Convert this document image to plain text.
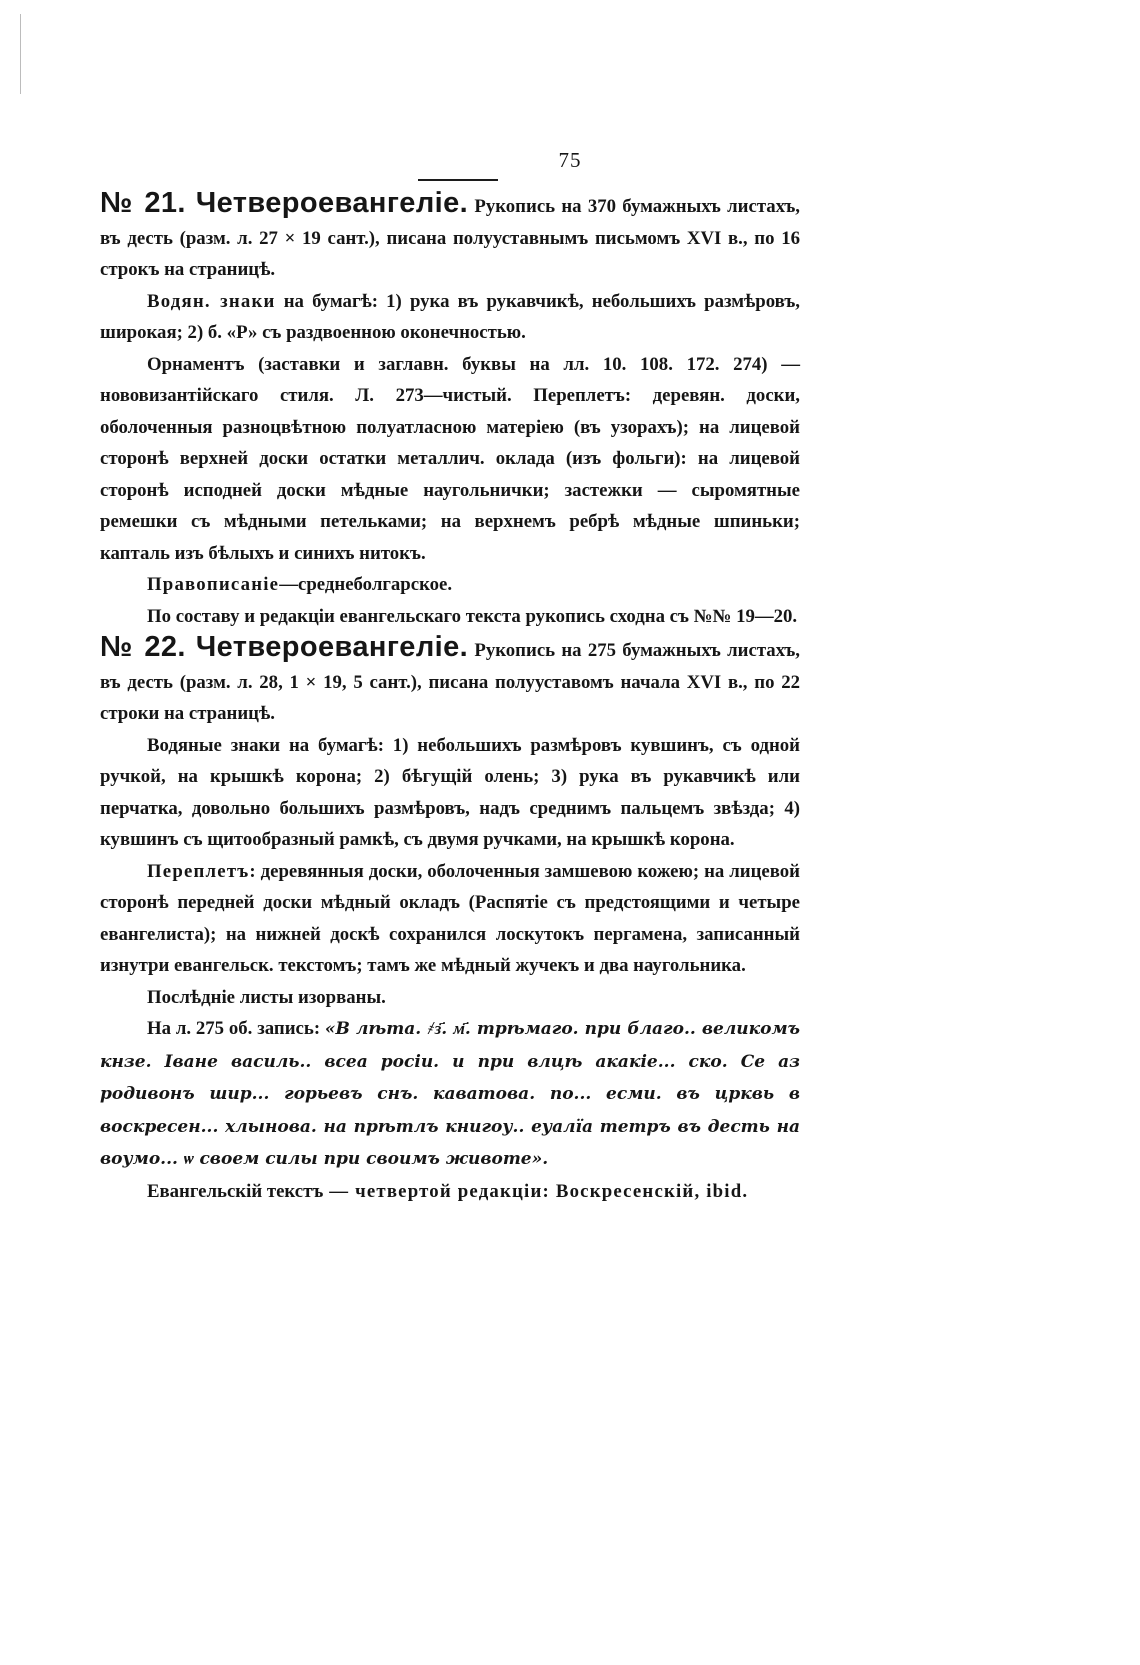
75

№ 21. Четвероевангеліе. Рукопись на 370 бумажныхъ листахъ, въ десть (разм. л. 27 × 19 сант.), писана полууставнымъ письмомъ XVI в., по 16 строкъ на страницѣ.

Водян. знаки на бумагѣ: 1) рука въ рукавчикѣ, небольшихъ размѣровъ, широкая; 2) б. «Р» съ раздвоенною оконечностью.

Орнаментъ (заставки и заглавн. буквы на лл. 10. 108. 172. 274) — нововизантійскаго стиля. Л. 273—чистый. Переплетъ: деревян. доски, оболоченныя разноцвѣтною полуатласною матеріею (въ узорахъ); на лицевой сторонѣ верхней доски остатки металлич. оклада (изъ фольги): на лицевой сторонѣ исподней доски мѣдные наугольнички; застежки — сыромятные ремешки съ мѣдными петельками; на верхнемъ ребрѣ мѣдные шпиньки; капталь изъ бѣлыхъ и синихъ нитокъ.

Правописаніе—среднеболгарское.

По составу и редакціи евангельскаго текста рукопись сходна съ №№ 19—20.

№ 22. Четвероевангеліе. Рукопись на 275 бумажныхъ листахъ, въ десть (разм. л. 28, 1 × 19, 5 сант.), писана полууставомъ начала XVI в., по 22 строки на страницѣ.

Водяные знаки на бумагѣ: 1) небольшихъ размѣровъ кувшинъ, съ одной ручкой, на крышкѣ корона; 2) бѣгущій олень; 3) рука въ рукавчикѣ или перчатка, довольно большихъ размѣровъ, надъ среднимъ пальцемъ звѣзда; 4) кувшинъ съ щитообразный рамкѣ, съ двумя ручками, на крышкѣ корона.

Переплетъ: деревянныя доски, оболоченныя замшевою кожею; на лицевой сторонѣ передней доски мѣдный окладъ (Распятіе съ предстоящими и четыре евангелиста); на нижней доскѣ сохранился лоскутокъ пергамена, записанный изнутри евангельск. текстомъ; тамъ же мѣдный жучекъ и два наугольника.

Послѣдніе листы изорваны.

На л. 275 об. запись: «В лѣта. ҂з҃. м҃. трѣмаго. при благо.. великомъ кнзе. Іване василь.. всеа росіи. и при влцѣ акакіе... ско. Се аз родивонъ шир... горьевъ снъ. каватова. по... есми. въ црквь в воскресен... хлынова. на прѣтлъ книгоу.. еуалїа тетръ въ десть на воумо... ѡ своем силы при своимъ животе».

Евангельскій текстъ — четвертой редакціи: Воскресенскій, ibid.
